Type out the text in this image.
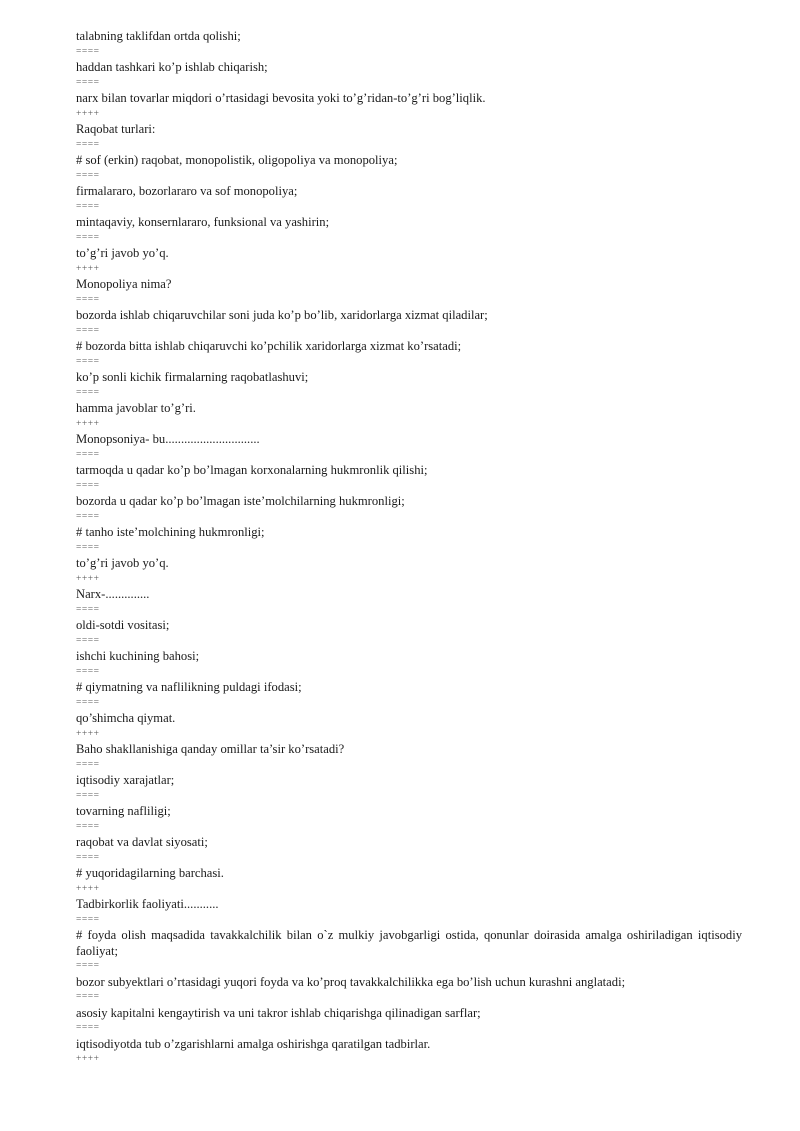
talabning taklifdan ortda qolishi;
====
haddan tashkari ko’p ishlab chiqarish;
====
narx bilan tovarlar miqdori o’rtasidagi bevosita yoki to’g’ridan-to’g’ri bog’liqlik.
++++
Raqobat turlari:
====
# sof (erkin) raqobat, monopolistik, oligopoliya va monopoliya;
====
firmalararo, bozorlararo va sof monopoliya;
====
mintaqaviy, konsernlararo, funksional va yashirin;
====
to’g’ri javob yo’q.
++++
Monopoliya nima?
====
bozorda ishlab chiqaruvchilar soni juda ko’p bo’lib, xaridorlarga xizmat qiladilar;
====
# bozorda bitta ishlab chiqaruvchi ko’pchilik xaridorlarga xizmat ko’rsatadi;
====
ko’p sonli kichik firmalarning raqobatlashuvi;
====
hamma javoblar to’g’ri.
++++
Monopsoniya- bu..............................
====
tarmoqda u qadar ko’p bo’lmagan korxonalarning hukmronlik qilishi;
====
bozorda u qadar ko’p bo’lmagan iste’molchilarning hukmronligi;
====
# tanho iste’molchining hukmronligi;
====
to’g’ri javob yo’q.
++++
Narx-..............
====
oldi-sotdi vositasi;
====
ishchi kuchining bahosi;
====
# qiymatning va naflilikning puldagi ifodasi;
====
qo’shimcha qiymat.
++++
Baho shakllanishiga qanday omillar ta’sir ko’rsatadi?
====
iqtisodiy xarajatlar;
====
tovarning nafliligi;
====
raqobat va davlat siyosati;
====
# yuqoridagilarning barchasi.
++++
Tadbirkorlik faoliyati...........
====
# foyda olish maqsadida tavakkalchilik bilan o`z mulkiy javobgarligi ostida, qonunlar doirasida amalga oshiriladigan iqtisodiy faoliyat;
====
bozor subyektlari o’rtasidagi yuqori foyda va ko’proq tavakkalchilikka ega bo’lish uchun kurashni anglatadi;
====
asosiy kapitalni kengaytirish va uni takror ishlab chiqarishga qilinadigan sarflar;
====
iqtisodiyotda tub o’zgarishlarni amalga oshirishga qaratilgan tadbirlar.
++++
